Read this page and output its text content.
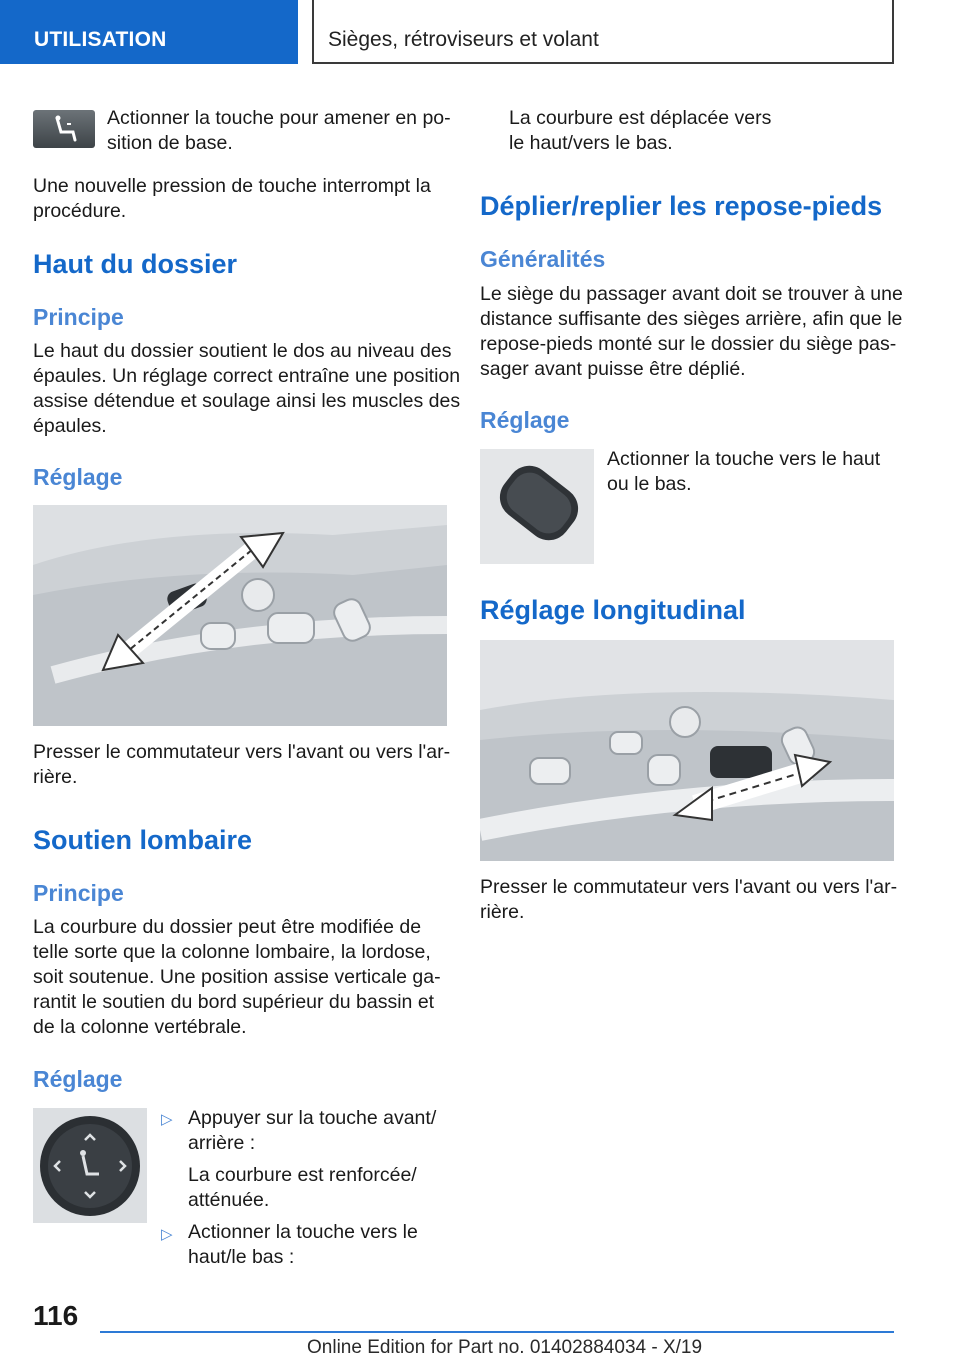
UTILISATION	Sièges, rétroviseurs et volant

Actionner la touche pour amener en po-

sition de base.

Une nouvelle pression de touche interrompt la

procédure.

Haut du dossier
Principe

Le haut du dossier soutient le dos au niveau des

épaules. Un réglage correct entraîne une position

assise détendue et soulage ainsi les muscles des

épaules.

Réglage

Presser le commutateur vers l'avant ou vers l'ar-

rière.

Soutien lombaire
Principe

La courbure du dossier peut être modifiée de

telle sorte que la colonne lombaire, la lordose,

soit soutenue. Une position assise verticale ga-

rantit le soutien du bord supérieur du bassin et

de la colonne vertébrale.

Réglage
▷ Appuyer sur la touche avant/

arrière :

La courbure est renforcée/

atténuée.

▷ Actionner la touche vers le

haut/le bas :

La courbure est déplacée vers

le haut/vers le bas.

Déplier/replier les repose-pieds
Généralités

Le siège du passager avant doit se trouver à une

distance suffisante des sièges arrière, afin que le

repose-pieds monté sur le dossier du siège pas-

sager avant puisse être déplié.

Réglage

Actionner la touche vers le haut

ou le bas.

Réglage longitudinal

Presser le commutateur vers l'avant ou vers l'ar-

rière.

116
Online Edition for Part no. 01402884034 - X/19
